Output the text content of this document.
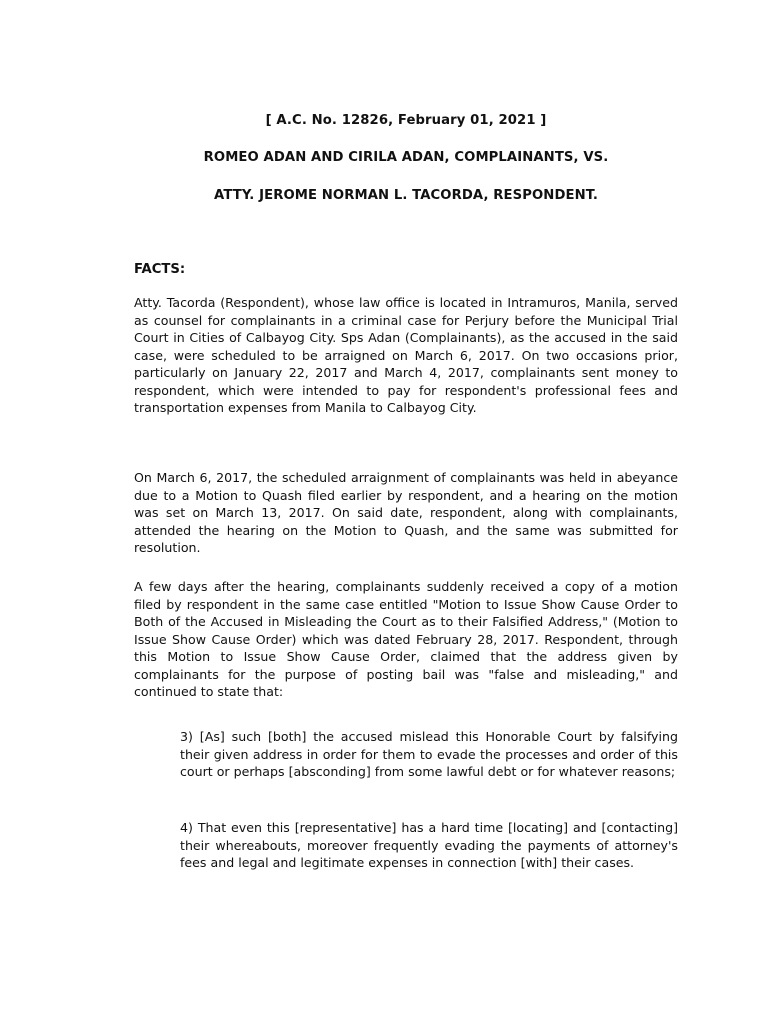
[ A.C. No. 12826, February 01, 2021 ]
ROMEO ADAN AND CIRILA ADAN, COMPLAINANTS, VS.
ATTY. JEROME NORMAN L. TACORDA, RESPONDENT.
FACTS:

Atty. Tacorda (Respondent), whose law office is located in Intramuros, Manila, served as counsel for complainants in a criminal case for Perjury before the Municipal Trial Court in Cities of Calbayog City. Sps Adan (Complainants), as the accused in the said case, were scheduled to be arraigned on March 6, 2017. On two occasions prior, particularly on January 22, 2017 and March 4, 2017, complainants sent money to respondent, which were intended to pay for respondent's professional fees and transportation expenses from Manila to Calbayog City.

On March 6, 2017, the scheduled arraignment of complainants was held in abeyance due to a Motion to Quash filed earlier by respondent, and a hearing on the motion was set on March 13, 2017. On said date, respondent, along with complainants, attended the hearing on the Motion to Quash, and the same was submitted for resolution.

A few days after the hearing, complainants suddenly received a copy of a motion filed by respondent in the same case entitled "Motion to Issue Show Cause Order to Both of the Accused in Misleading the Court as to their Falsified Address," (Motion to Issue Show Cause Order) which was dated February 28, 2017. Respondent, through this Motion to Issue Show Cause Order, claimed that the address given by complainants for the purpose of posting bail was "false and misleading," and continued to state that:

3) [As] such [both] the accused mislead this Honorable Court by falsifying their given address in order for them to evade the processes and order of this court or perhaps [absconding] from some lawful debt or for whatever reasons;

4) That even this [representative] has a hard time [locating] and [contacting] their whereabouts, moreover frequently evading the payments of attorney's fees and legal and legitimate expenses in connection [with] their cases.
